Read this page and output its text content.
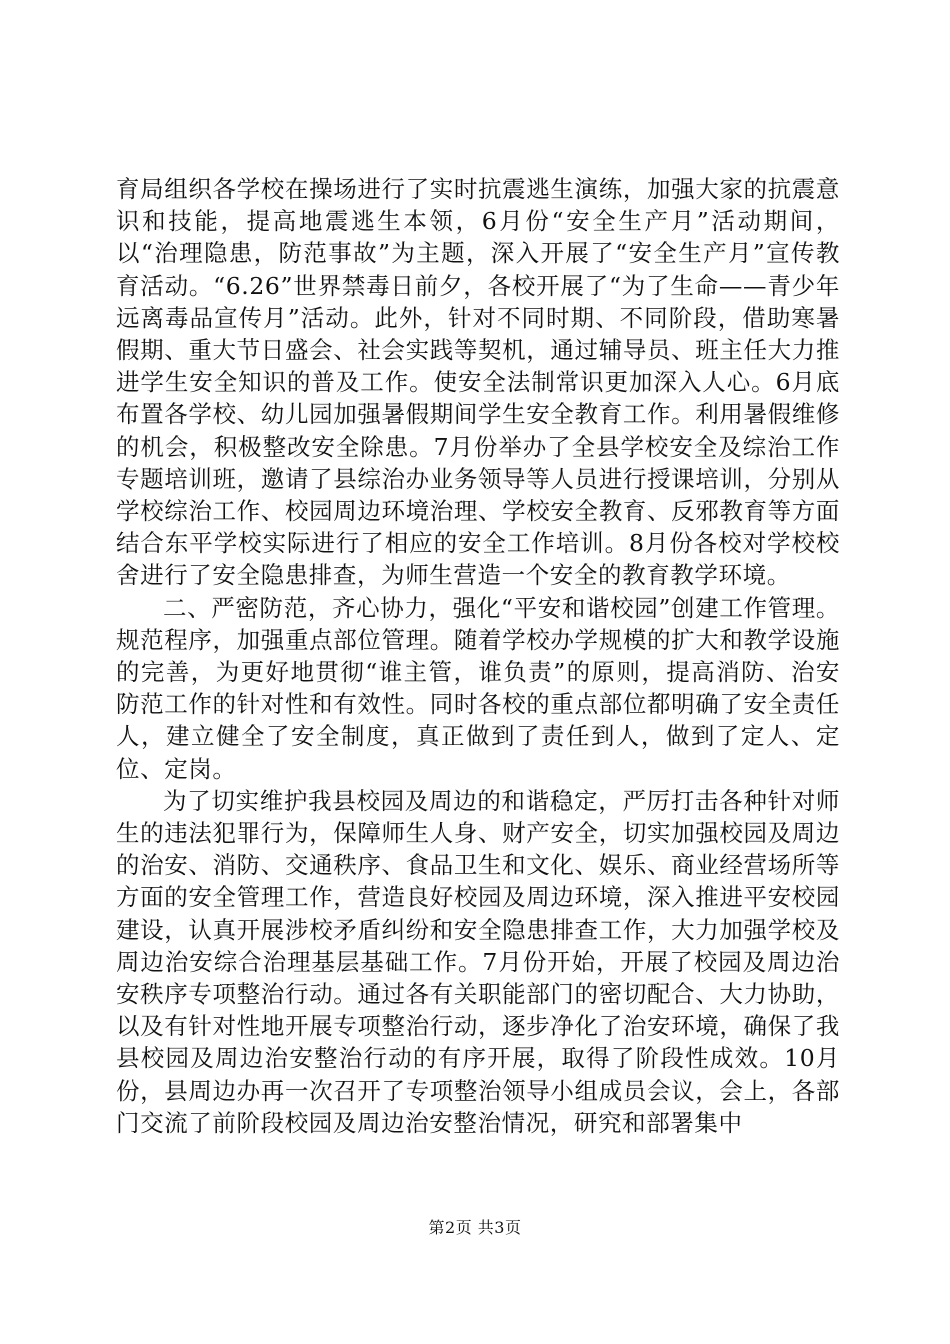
育局组织各学校在操场进行了实时抗震逃生演练，加强大家的抗震意识和技能，提高地震逃生本领，6月份“安全生产月”活动期间，以“治理隐患，防范事故”为主题，深入开展了“安全生产月”宣传教育活动。“6.26”世界禁毒日前夕，各校开展了“为了生命——青少年远离毒品宣传月”活动。此外，针对不同时期、不同阶段，借助寒暑假期、重大节日盛会、社会实践等契机，通过辅导员、班主任大力推进学生安全知识的普及工作。使安全法制常识更加深入人心。6月底布置各学校、幼儿园加强暑假期间学生安全教育工作。利用暑假维修的机会，积极整改安全除患。7月份举办了全县学校安全及综治工作专题培训班，邀请了县综治办业务领导等人员进行授课培训，分别从学校综治工作、校园周边环境治理、学校安全教育、反邪教育等方面结合东平学校实际进行了相应的安全工作培训。8月份各校对学校校舍进行了安全隐患排查，为师生营造一个安全的教育教学环境。

二、严密防范，齐心协力，强化“平安和谐校园”创建工作管理。规范程序，加强重点部位管理。随着学校办学规模的扩大和教学设施的完善，为更好地贯彻“谁主管，谁负责”的原则，提高消防、治安防范工作的针对性和有效性。同时各校的重点部位都明确了安全责任人，建立健全了安全制度，真正做到了责任到人，做到了定人、定位、定岗。

为了切实维护我县校园及周边的和谐稳定，严厉打击各种针对师生的违法犯罪行为，保障师生人身、财产安全，切实加强校园及周边的治安、消防、交通秩序、食品卫生和文化、娱乐、商业经营场所等方面的安全管理工作，营造良好校园及周边环境，深入推进平安校园建设，认真开展涉校矛盾纠纷和安全隐患排查工作，大力加强学校及周边治安综合治理基层基础工作。7月份开始，开展了校园及周边治安秩序专项整治行动。通过各有关职能部门的密切配合、大力协助，以及有针对性地开展专项整治行动，逐步净化了治安环境，确保了我县校园及周边治安整治行动的有序开展，取得了阶段性成效。10月份，县周边办再一次召开了专项整治领导小组成员会议，会上，各部门交流了前阶段校园及周边治安整治情况，研究和部署集中

第2页 共3页
